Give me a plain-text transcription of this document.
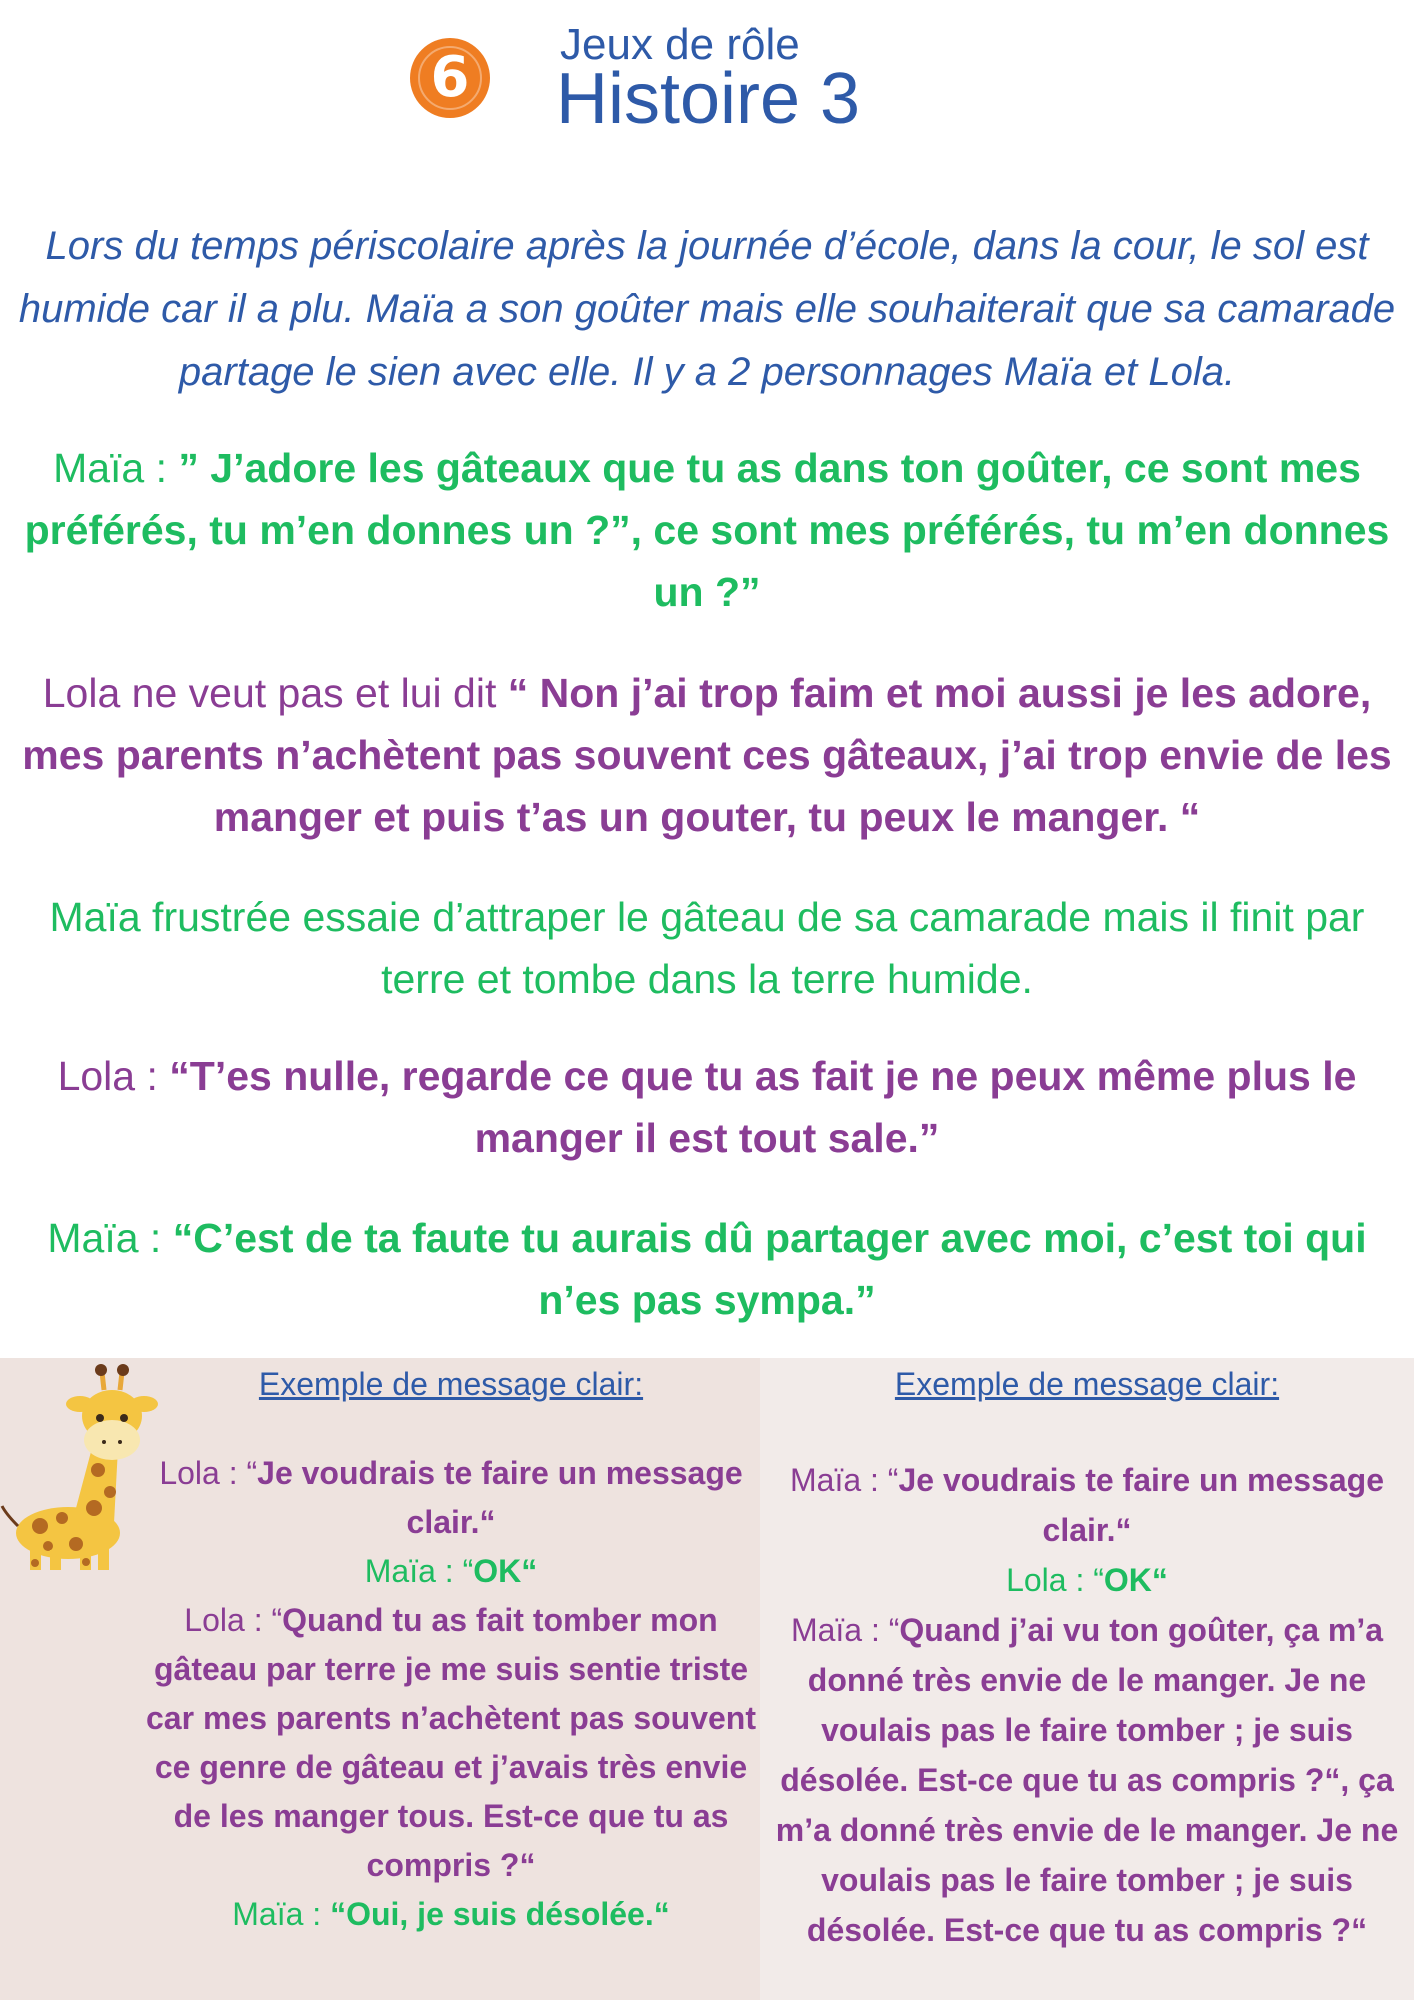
6
Jeux de rôle
Histoire 3
Lors du temps périscolaire après la journée d’école, dans la cour, le sol est humide car il a plu. Maïa a son goûter mais elle souhaiterait que sa camarade partage le sien avec elle. Il y a 2 personnages Maïa et Lola.
Maïa : ” J’adore les gâteaux que tu as dans ton goûter, ce sont mes préférés, tu m’en donnes un ?”, ce sont mes préférés, tu m’en donnes un ?”
Lola ne veut pas et lui dit “ Non j’ai trop faim et moi aussi je les adore, mes parents n’achètent pas souvent ces gâteaux, j’ai trop envie de les manger et puis t’as un gouter, tu peux le manger. “
Maïa frustrée essaie d’attraper le gâteau de sa camarade mais il finit par terre et tombe dans la terre humide.
Lola : “T’es nulle, regarde ce que tu as fait je ne peux même plus le manger il est tout sale.”
Maïa : “C’est de ta faute tu aurais dû partager avec moi, c’est toi qui n’es pas sympa.”
Exemple de message clair:
Lola : “Je voudrais te faire un message clair.“
Maïa : “OK“
Lola : “Quand tu as fait tomber mon gâteau par terre je me suis sentie triste car mes parents n’achètent pas souvent ce genre de gâteau et j’avais très envie de les manger tous. Est-ce que tu as compris ?“
Maïa : “Oui, je suis désolée.“
Exemple de message clair:
Maïa : “Je voudrais te faire un message clair.“
Lola : “OK“
Maïa : “Quand j’ai vu ton goûter, ça m’a donné très envie de le manger. Je ne voulais pas le faire tomber ; je suis désolée. Est-ce que tu as compris ?“, ça m’a donné très envie de le manger. Je ne voulais pas le faire tomber ; je suis désolée. Est-ce que tu as compris ?“
